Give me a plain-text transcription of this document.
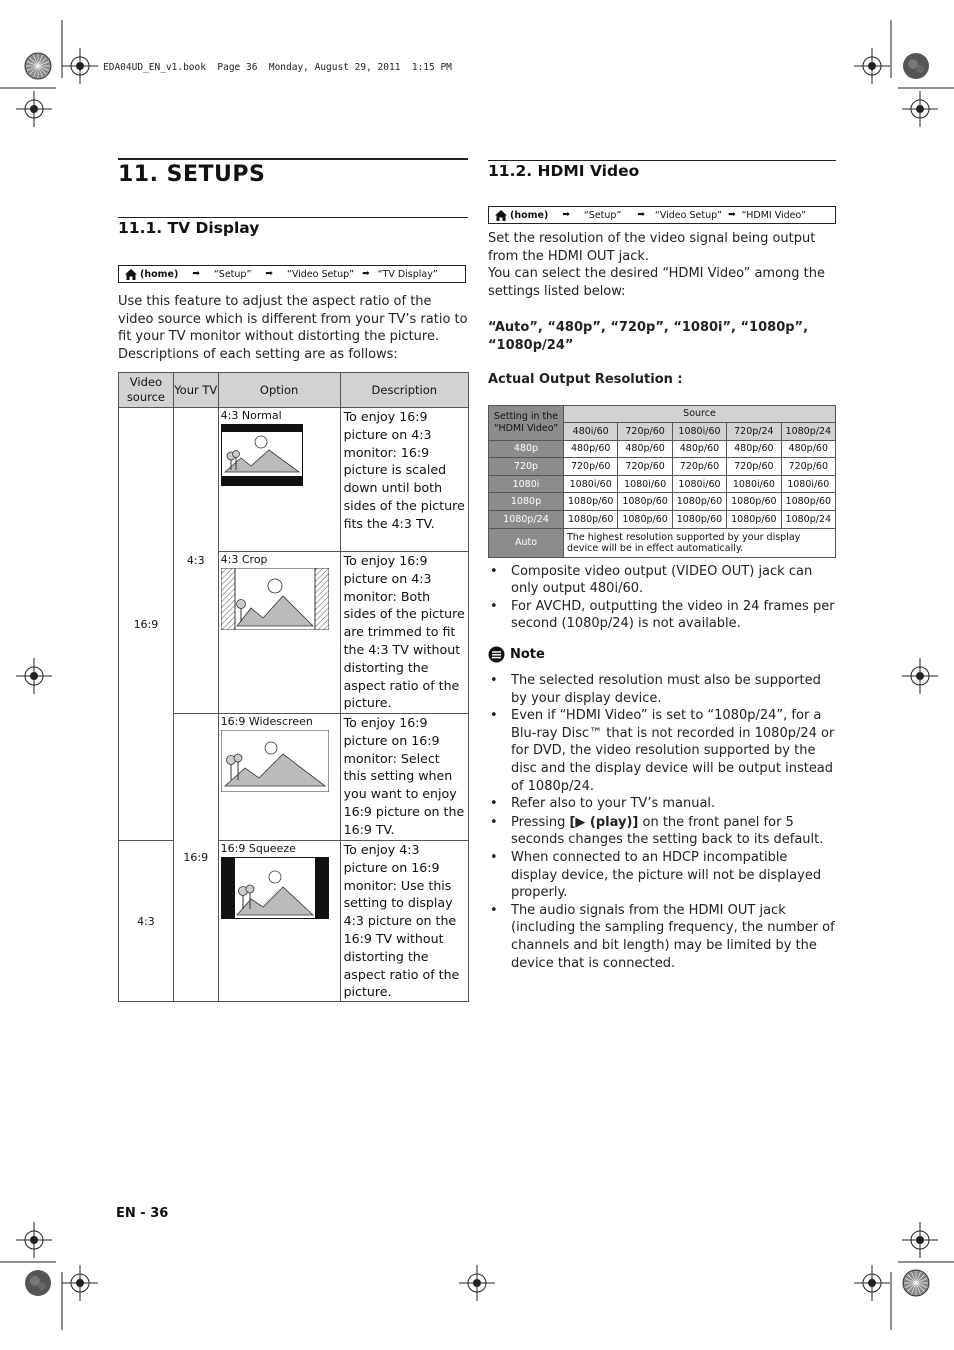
EDA04UD_EN_v1.book  Page 36  Monday, August 29, 2011  1:15 PM
11. SETUPS
11.1. TV Display
(home) ➡ “Setup” ➡ “Video Setup” ➡ “TV Display”

Use this feature to adjust the aspect ratio of the video source which is different from your TV’s ratio to fit your TV monitor without distorting the picture. Descriptions of each setting are as follows:

Video source	Your TV	Option	Description
16:9	4:3	4:3 Normal	To enjoy 16:9 picture on 4:3 monitor: 16:9 picture is scaled down until both sides of the picture fits the 4:3 TV.

		4:3 Crop	To enjoy 16:9 picture on 4:3 monitor: Both sides of the picture are trimmed to fit the 4:3 TV without distorting the aspect ratio of the picture.
	16:9	16:9 Widescreen	To enjoy 16:9 picture on 16:9 monitor: Select this setting when you want to enjoy 16:9 picture on the 16:9 TV.
4:3		16:9 Squeeze	To enjoy 4:3 picture on 16:9 monitor: Use this setting to display 4:3 picture on the 16:9 TV without distorting the aspect ratio of the picture.
11.2. HDMI Video
(home) ➡ “Setup” ➡ “Video Setup” ➡ “HDMI Video”

Set the resolution of the video signal being output from the HDMI OUT jack.

You can select the desired “HDMI Video” among the settings listed below:

“Auto”, “480p”, “720p”, “1080i”, “1080p”, “1080p/24”

Actual Output Resolution :

Setting in the “HDMI Video”	Source				
	480i/60	720p/60	1080i/60	720p/24	1080p/24
480p	480p/60	480p/60	480p/60	480p/60	480p/60
720p	720p/60	720p/60	720p/60	720p/60	720p/60
1080i	1080i/60	1080i/60	1080i/60	1080i/60	1080i/60
1080p	1080p/60	1080p/60	1080p/60	1080p/60	1080p/60
1080p/24	1080p/60	1080p/60	1080p/60	1080p/60	1080p/24
Auto	The highest resolution supported by your display device will be in effect automatically.				
• Composite video output (VIDEO OUT) jack can only output 480i/60.
• For AVCHD, outputting the video in 24 frames per second (1080p/24) is not available.
Note
• The selected resolution must also be supported by your display device.
• Even if “HDMI Video” is set to “1080p/24”, for a Blu-ray Disc™ that is not recorded in 1080p/24 or for DVD, the video resolution supported by the disc and the display device will be output instead of 1080p/24.
• Refer also to your TV’s manual.
• Pressing [▶ (play)] on the front panel for 5 seconds changes the setting back to its default.
• When connected to an HDCP incompatible display device, the picture will not be displayed properly.
• The audio signals from the HDMI OUT jack (including the sampling frequency, the number of channels and bit length) may be limited by the device that is connected.
EN - 36
